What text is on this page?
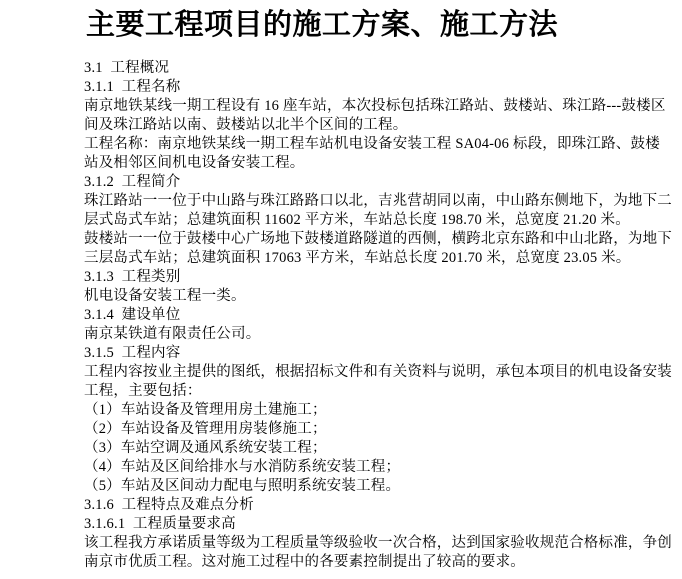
主要工程项目的施工方案、施工方法
3.1  工程概况
3.1.1  工程名称
南京地铁某线一期工程设有 16 座车站，本次投标包括珠江路站、鼓楼站、珠江路---鼓楼区
间及珠江路站以南、鼓楼站以北半个区间的工程。
工程名称：南京地铁某线一期工程车站机电设备安装工程 SA04-06 标段，即珠江路、鼓楼
站及相邻区间机电设备安装工程。
3.1.2  工程简介
珠江路站一一位于中山路与珠江路路口以北，吉兆营胡同以南，中山路东侧地下，为地下二
层式岛式车站；总建筑面积 11602 平方米，车站总长度 198.70 米，总宽度 21.20 米。
鼓楼站一一位于鼓楼中心广场地下鼓楼道路隧道的西侧，横跨北京东路和中山北路，为地下
三层岛式车站；总建筑面积 17063 平方米，车站总长度 201.70 米，总宽度 23.05 米。
3.1.3  工程类别
机电设备安装工程一类。
3.1.4  建设单位
南京某铁道有限责任公司。
3.1.5  工程内容
工程内容按业主提供的图纸，根据招标文件和有关资料与说明，承包本项目的机电设备安装
工程，主要包括：
（1）车站设备及管理用房土建施工；
（2）车站设备及管理用房装修施工；
（3）车站空调及通风系统安装工程；
（4）车站及区间给排水与水消防系统安装工程；
（5）车站及区间动力配电与照明系统安装工程。
3.1.6  工程特点及难点分析
3.1.6.1  工程质量要求高
该工程我方承诺质量等级为工程质量等级验收一次合格，达到国家验收规范合格标准，争创
南京市优质工程。这对施工过程中的各要素控制提出了较高的要求。
